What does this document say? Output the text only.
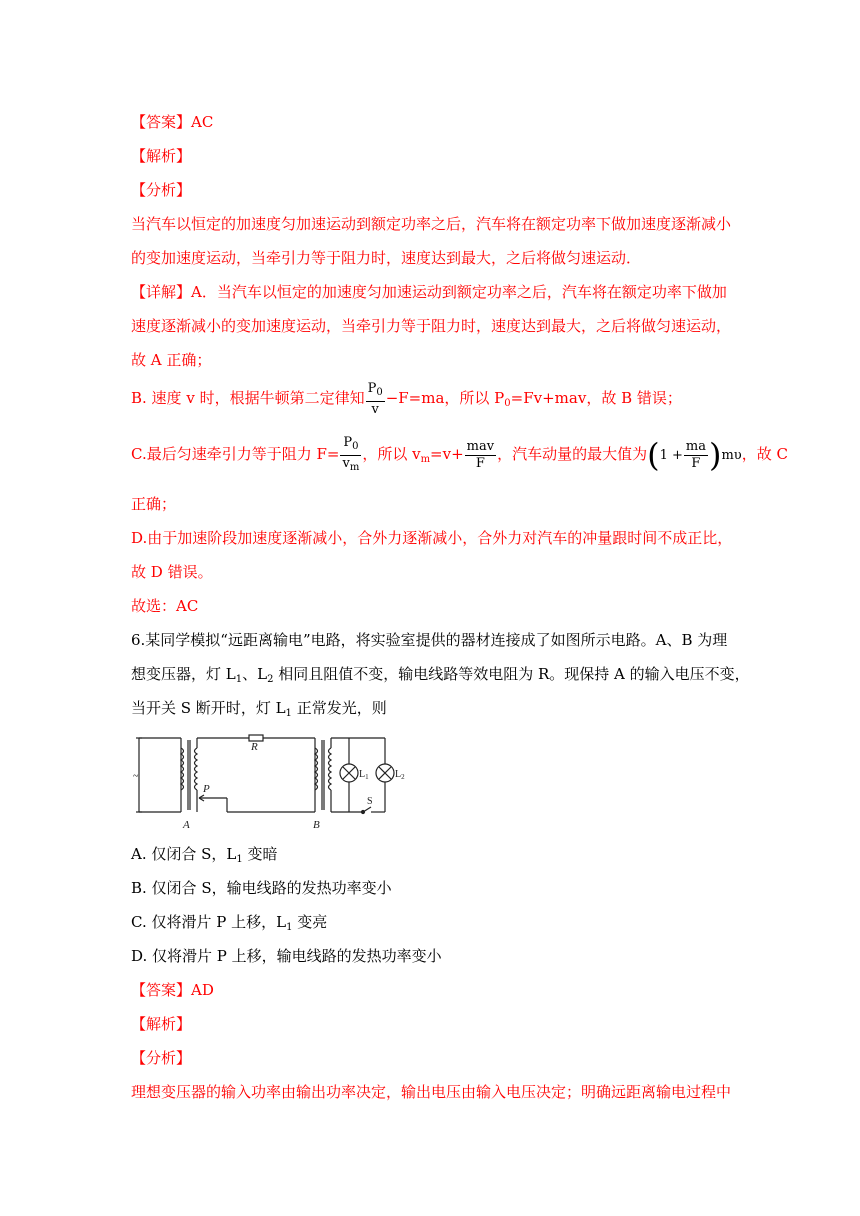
【答案】AC
【解析】
【分析】
当汽车以恒定的加速度匀加速运动到额定功率之后，汽车将在额定功率下做加速度逐渐减小
的变加速度运动，当牵引力等于阻力时，速度达到最大，之后将做匀速运动．
【详解】A．当汽车以恒定的加速度匀加速运动到额定功率之后，汽车将在额定功率下做加
速度逐渐减小的变加速度运动，当牵引力等于阻力时，速度达到最大，之后将做匀速运动，
故 A 正确；
B. 速度 v 时，根据牛顿第二定律知 $\frac{P_0}{v} -F=ma$，所以 $P_0=Fv+mav$，故 B 错误；
C.最后匀速牵引力等于阻力 $F= \frac{P_0}{v_m}$ ，所以 $v_m=v+ \frac{\text{mav}}{F}$ ，汽车动量的最大值为$(1 + \frac{ma}{F} )m\upsilon$，故 C
正确；
D.由于加速阶段加速度逐渐减小，合外力逐渐减小，合外力对汽车的冲量跟时间不成正比，
故 D 错误。
故选：AC
6.某同学模拟“远距离输电”电路，将实验室提供的器材连接成了如图所示电路。A、B 为理
想变压器，灯 $L_1$、$L_2$ 相同且阻值不变，输电线路等效电阻为 R。现保持 A 的输入电压不变，
当开关 S 断开时，灯 $L_1$ 正常发光，则
R
P
A	B
S
$L_1$	$L_2$
~
A. 仅闭合 S，$L_1$ 变暗
B. 仅闭合 S，输电线路的发热功率变小
C. 仅将滑片 P 上移，$L_1$ 变亮
D. 仅将滑片 P 上移，输电线路的发热功率变小
【答案】AD
【解析】
【分析】
理想变压器的输入功率由输出功率决定，输出电压由输入电压决定；明确远距离输电过程中
